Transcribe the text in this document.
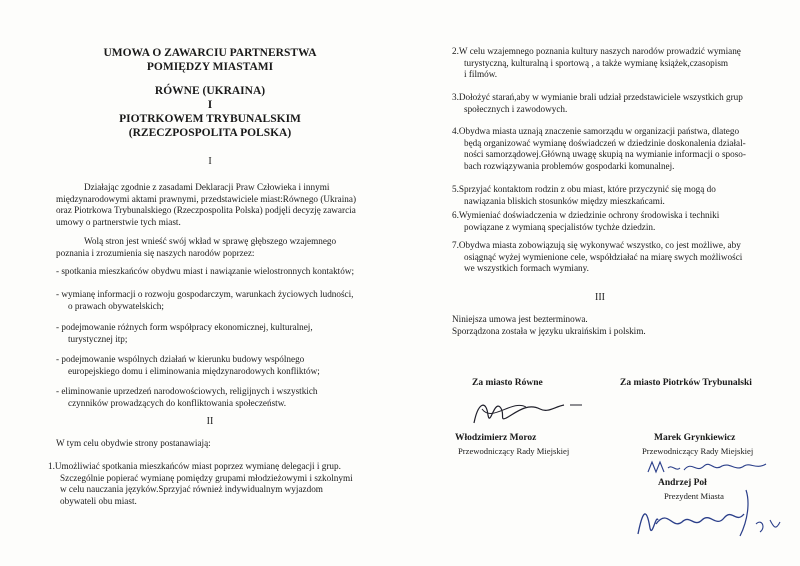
UMOWA O ZAWARCIU PARTNERSTWA
POMIĘDZY MIASTAMI
RÓWNE (UKRAINA)
I
PIOTRKOWEM TRYBUNALSKIM
(RZECZPOSPOLITA POLSKA)
I
Działając zgodnie z zasadami Deklaracji Praw Człowieka i innymi
międzynarodowymi aktami prawnymi, przedstawiciele miast:Równego (Ukraina)
oraz Piotrkowa Trybunalskiego (Rzeczpospolita Polska) podjęli decyzję zawarcia
umowy o partnerstwie tych miast.
Wolą stron jest wnieść swój wkład w sprawę głębszego wzajemnego
poznania i zrozumienia się naszych narodów poprzez:
- spotkania mieszkańców obydwu miast i nawiązanie wielostronnych kontaktów;
- wymianę informacji o rozwoju gospodarczym, warunkach życiowych ludności,
o prawach obywatelskich;
- podejmowanie różnych form współpracy ekonomicznej, kulturalnej,
turystycznej itp;
- podejmowanie wspólnych działań w kierunku budowy wspólnego
europejskiego domu i eliminowania międzynarodowych konfliktów;
- eliminowanie uprzedzeń narodowościowych, religijnych i wszystkich
czynników prowadzących do konfliktowania społeczeństw.
II
W tym celu obydwie strony postanawiają:
1.Umożliwiać spotkania mieszkańców miast poprzez wymianę delegacji i grup.
Szczególnie popierać wymianę pomiędzy grupami młodzieżowymi i szkolnymi
w celu nauczania języków.Sprzyjać również indywidualnym wyjazdom
obywateli obu miast.
2.W celu wzajemnego poznania kultury naszych narodów prowadzić wymianę
turystyczną, kulturalną i sportową , a także wymianę książek,czasopism
i filmów.
3.Dołożyć starań,aby w wymianie brali udział przedstawiciele wszystkich grup
społecznych i zawodowych.
4.Obydwa miasta uznają znaczenie samorządu w organizacji państwa, dlatego
będą organizować wymianę doświadczeń w dziedzinie doskonalenia działal-
ności samorządowej.Główną uwagę skupią na wymianie informacji o sposo-
bach rozwiązywania problemów gospodarki komunalnej.
5.Sprzyjać kontaktom rodzin z obu miast, które przyczynić się mogą do
nawiązania bliskich stosunków między mieszkańcami.
6.Wymieniać doświadczenia w dziedzinie ochrony środowiska i techniki
powiązane z wymianą specjalistów tychże dziedzin.
7.Obydwa miasta zobowiązują się wykonywać wszystko, co jest możliwe, aby
osiągnąć wyżej wymienione cele, współdziałać na miarę swych możliwości
we wszystkich formach wymiany.
III
Niniejsza umowa jest bezterminowa.
Sporządzona została w języku ukraińskim i polskim.
Za miasto Równe
Włodzimierz Moroz
Przewodniczący Rady Miejskiej
Za miasto Piotrków Trybunalski
Marek Grynkiewicz
Przewodniczący Rady Miejskiej
Andrzej Poł
Prezydent Miasta
